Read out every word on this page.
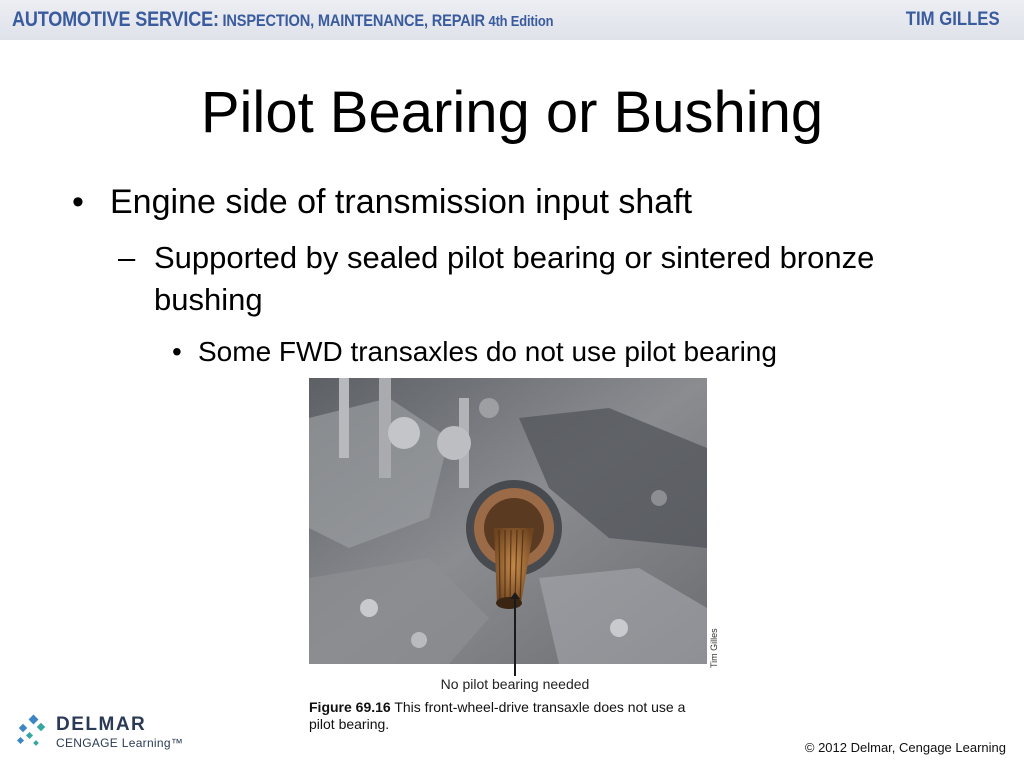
AUTOMOTIVE SERVICE: INSPECTION, MAINTENANCE, REPAIR 4th Edition	TIM GILLES
Pilot Bearing or Bushing
• Engine side of transmission input shaft
– Supported by sealed pilot bearing or sintered bronze bushing
• Some FWD transaxles do not use pilot bearing
Tim Gilles
No pilot bearing needed
Figure 69.16 This front-wheel-drive transaxle does not use a pilot bearing.
DELMAR
CENGAGE Learning™	© 2012 Delmar, Cengage Learning
